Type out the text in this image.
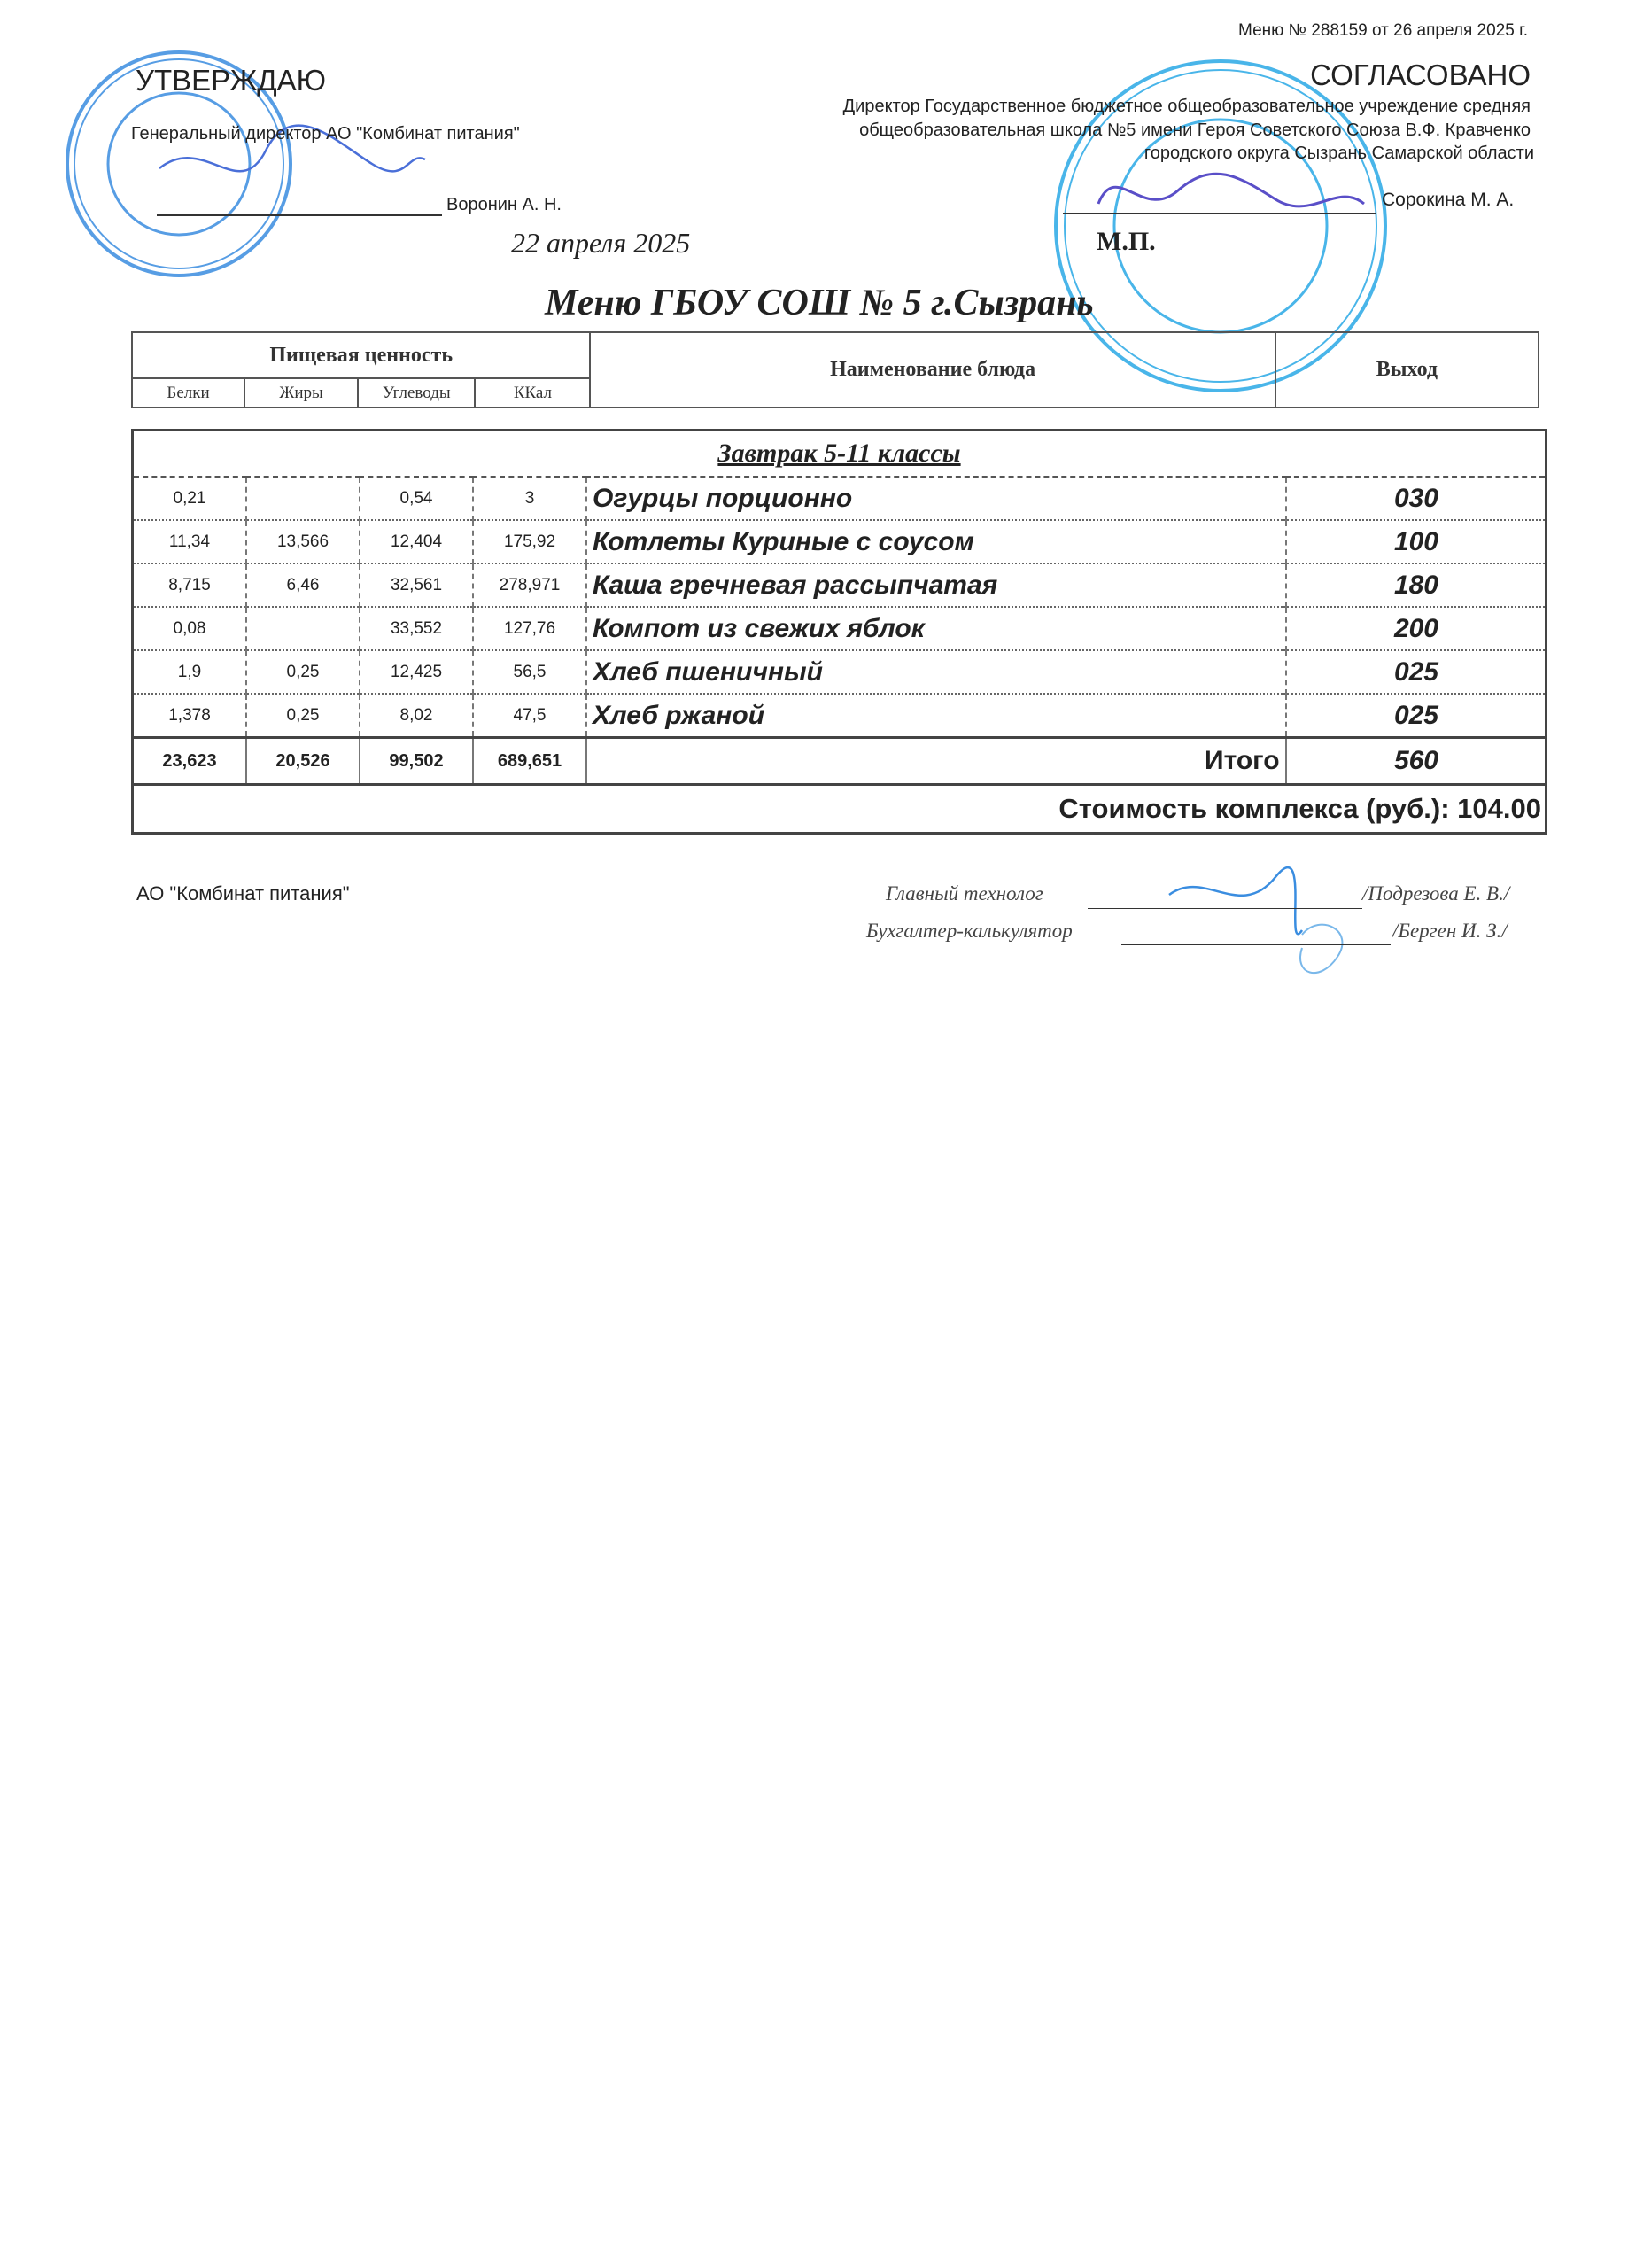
Меню № 288159 от 26 апреля 2025 г.
УТВЕРЖДАЮ
Генеральный директор АО "Комбинат питания"
Воронин А. Н.
22 апреля 2025
СОГЛАСОВАНО
Директор Государственное бюджетное общеобразовательное учреждение средняя
общеобразовательная школа №5 имени Героя Советского Союза В.Ф. Кравченко
городского округа Сызрань Самарской области
Сорокина М. А.
М.П.
Меню ГБОУ СОШ № 5 г.Сызрань
Пищевая ценность				Наименование блюда	Выход
Белки	Жиры	Углеводы	ККал		
Завтрак 5-11 классы					
0,21		0,54	3	Огурцы порционно	030
11,34	13,566	12,404	175,92	Котлеты Куриные с соусом	100
8,715	6,46	32,561	278,971	Каша гречневая рассыпчатая	180
0,08		33,552	127,76	Компот из свежих яблок	200
1,9	0,25	12,425	56,5	Хлеб пшеничный	025
1,378	0,25	8,02	47,5	Хлеб ржаной	025
23,623	20,526	99,502	689,651	Итого	560
Стоимость комплекса (руб.): 104.00					
АО "Комбинат питания"	Главный технолог	/Подрезова Е. В./
Бухгалтер-калькулятор	/Берген И. З./
